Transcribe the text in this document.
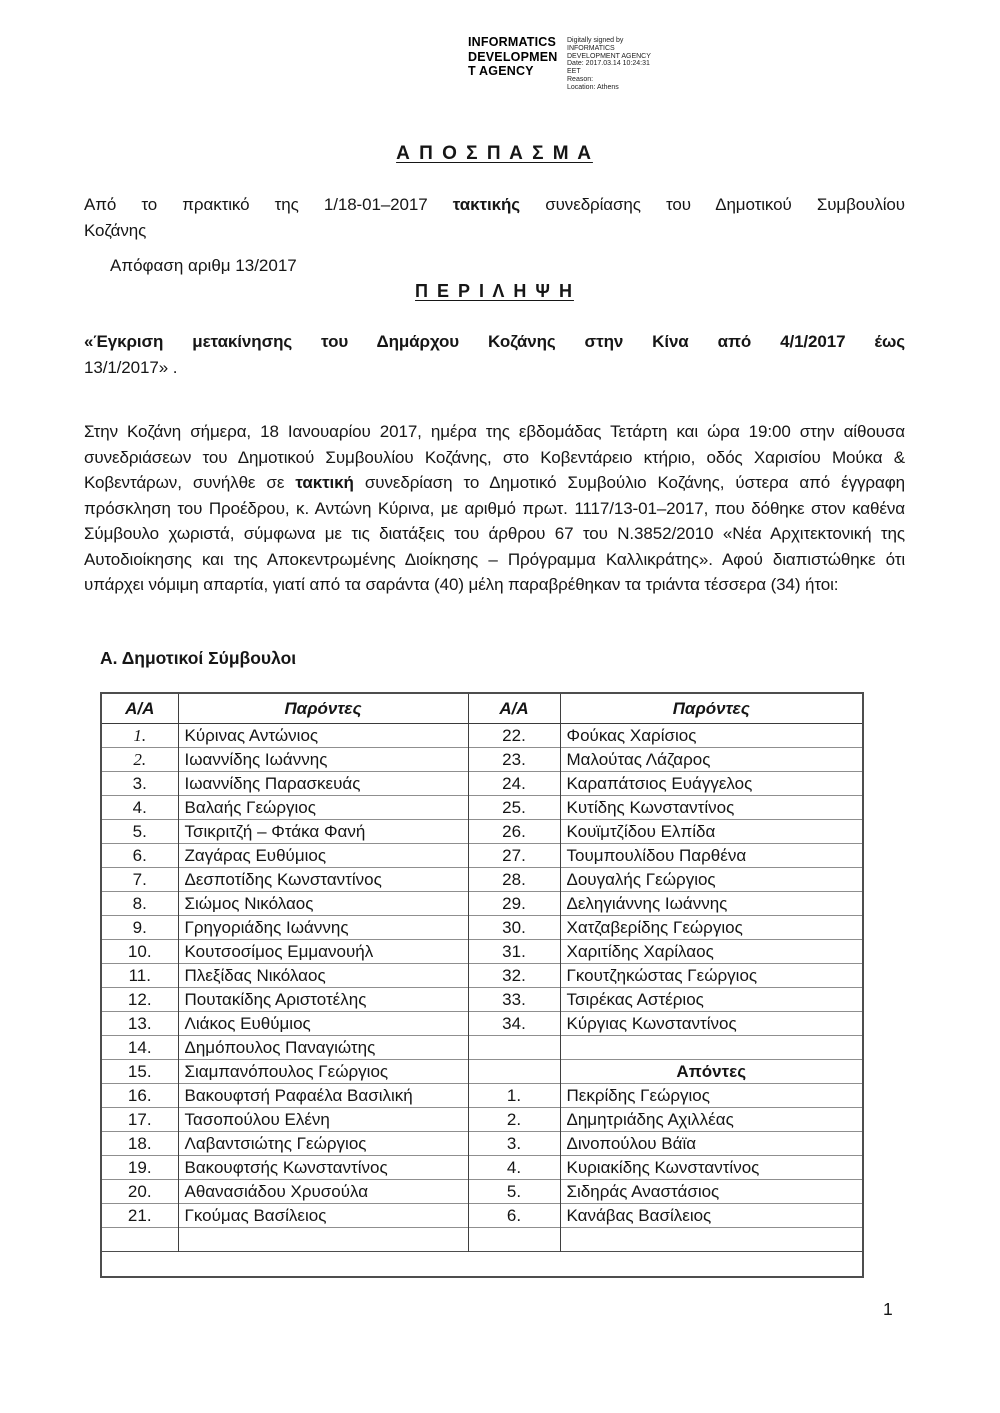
INFORMATICS
DEVELOPMEN
T AGENCY
Digitally signed by
INFORMATICS
DEVELOPMENT AGENCY
Date: 2017.03.14 10:24:31
EET
Reason:
Location: Athens
Α Π Ο Σ Π Α Σ Μ Α
Από το πρακτικό της 1/18-01–2017 τακτικής συνεδρίασης του Δημοτικού Συμβουλίου
Κοζάνης
Απόφαση αριθμ 13/2017
Π Ε Ρ Ι Λ Η Ψ Η
«Έγκριση μετακίνησης του Δημάρχου Κοζάνης στην Κίνα από 4/1/2017 έως
13/1/2017» .
Στην Κοζάνη σήμερα, 18 Ιανουαρίου 2017, ημέρα της εβδομάδας Τετάρτη και ώρα 19:00 στην αίθουσα συνεδριάσεων του Δημοτικού Συμβουλίου Κοζάνης, στο Κοβεντάρειο κτήριο, οδός Χαρισίου Μούκα & Κοβεντάρων, συνήλθε σε τακτική συνεδρίαση το Δημοτικό Συμβούλιο Κοζάνης, ύστερα από έγγραφη πρόσκληση του Προέδρου, κ. Αντώνη Κύρινα, με αριθμό πρωτ. 1117/13-01–2017, που δόθηκε στον καθένα Σύμβουλο χωριστά, σύμφωνα με τις διατάξεις του άρθρου 67 του Ν.3852/2010 «Νέα Αρχιτεκτονική της Αυτοδιοίκησης και της Αποκεντρωμένης Διοίκησης – Πρόγραμμα Καλλικράτης». Αφού διαπιστώθηκε ότι υπάρχει νόμιμη απαρτία, γιατί από τα σαράντα (40) μέλη παραβρέθηκαν τα τριάντα τέσσερα (34) ήτοι:
Α. Δημοτικοί Σύμβουλοι
Α/Α	Παρόντες	Α/Α	Παρόντες
1.	Κύρινας Αντώνιος	22.	Φούκας Χαρίσιος
2.	Ιωαννίδης Ιωάννης	23.	Μαλούτας Λάζαρος
3.	Ιωαννίδης Παρασκευάς	24.	Καραπάτσιος Ευάγγελος
4.	Βαλαής Γεώργιος	25.	Κυτίδης Κωνσταντίνος
5.	Τσικριτζή – Φτάκα Φανή	26.	Κουϊμτζίδου Ελπίδα
6.	Ζαγάρας Ευθύμιος	27.	Τουμπουλίδου Παρθένα
7.	Δεσποτίδης Κωνσταντίνος	28.	Δουγαλής Γεώργιος
8.	Σιώμος Νικόλαος	29.	Δεληγιάννης Ιωάννης
9.	Γρηγοριάδης Ιωάννης	30.	Χατζαβερίδης Γεώργιος
10.	Κουτσοσίμος Εμμανουήλ	31.	Χαριτίδης Χαρίλαος
11.	Πλεξίδας Νικόλαος	32.	Γκουτζηκώστας Γεώργιος
12.	Πουτακίδης Αριστοτέλης	33.	Τσιρέκας Αστέριος
13.	Λιάκος Ευθύμιος	34.	Κύργιας Κωνσταντίνος
14.	Δημόπουλος Παναγιώτης		
15.	Σιαμπανόπουλος Γεώργιος		Απόντες
16.	Βακουφτσή Ραφαέλα Βασιλική	1.	Πεκρίδης Γεώργιος
17.	Τασοπούλου Ελένη	2.	Δημητριάδης Αχιλλέας
18.	Λαβαντσιώτης Γεώργιος	3.	Δινοπούλου Βάϊα
19.	Βακουφτσής Κωνσταντίνος	4.	Κυριακίδης Κωνσταντίνος
20.	Αθανασιάδου Χρυσούλα	5.	Σιδηράς Αναστάσιος
21.	Γκούμας Βασίλειος	6.	Κανάβας Βασίλειος

1
